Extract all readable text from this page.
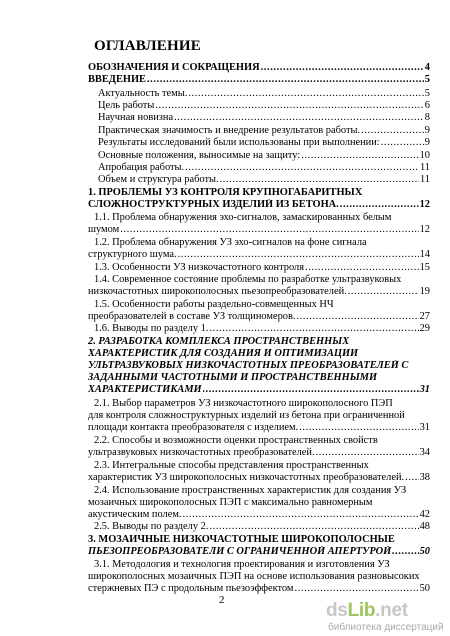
ОГЛАВЛЕНИЕ
ОБОЗНАЧЕНИЯ И СОКРАЩЕНИЯ .....	4
ВВЕДЕНИЕ .....	5
Актуальность темы. .....	5
Цель работы .....	6
Научная новизна .....	8
Практическая значимость и внедрение результатов работы. .....	9
Результаты исследований были использованы при выполнении: .....	9
Основные положения, выносимые на защиту: .....	10
Апробация работы. .....	11
Объем и структура работы. .....	11
1. ПРОБЛЕМЫ УЗ КОНТРОЛЯ КРУПНОГАБАРИТНЫХ
СЛОЖНОСТРУКТУРНЫХ ИЗДЕЛИЙ ИЗ БЕТОНА. .....	12
1.1. Проблема обнаружения эхо-сигналов, замаскированных белым
шумом .....	12
1.2. Проблема обнаружения УЗ эхо-сигналов на фоне сигнала
структурного шума. .....	14
1.3. Особенности УЗ низкочастотного контроля .....	15
1.4. Современное состояние проблемы по разработке ультразвуковых
низкочастотных широкополосных пьезопреобразователей. .....	19
1.5. Особенности работы раздельно-совмещенных НЧ
преобразователей в составе УЗ толщиномеров. .....	27
1.6. Выводы по разделу 1. .....	29
2. РАЗРАБОТКА КОМПЛЕКСА ПРОСТРАНСТВЕННЫХ
ХАРАКТЕРИСТИК ДЛЯ СОЗДАНИЯ И ОПТИМИЗАЦИИ
УЛЬТРАЗВУКОВЫХ НИЗКОЧАСТОТНЫХ ПРЕОБРАЗОВАТЕЛЕЙ С
ЗАДАННЫМИ ЧАСТОТНЫМИ И ПРОСТРАНСТВЕННЫМИ
ХАРАКТЕРИСТИКАМИ .....	31
2.1. Выбор параметров УЗ низкочастотного широкополосного ПЭП
для контроля сложноструктурных изделий из бетона при ограниченной
площади контакта преобразователя с изделием. .....	31
2.2. Способы и возможности оценки пространственных свойств
ультразвуковых низкочастотных преобразователей. .....	34
2.3. Интегральные способы представления пространственных
характеристик УЗ широкополосных низкочастотных преобразователей. ..... 38
2.4. Использование пространственных характеристик для создания УЗ
мозаичных широкополосных ПЭП с максимально равномерным
акустическим полем. .....	42
2.5. Выводы по разделу 2. .....	48
3. МОЗАИЧНЫЕ НИЗКОЧАСТОТНЫЕ ШИРОКОПОЛОСНЫЕ
ПЬЕЗОПРЕОБРАЗОВАТЕЛИ С ОГРАНИЧЕННОЙ АПЕРТУРОЙ .....	50
3.1. Методология и технология проектирования и изготовления УЗ
широкополосных мозаичных ПЭП на основе использования разновысоких
стержневых ПЭ с продольным пьезоэффектом .....	50
2	dsLib.net
библиотека диссертаций
